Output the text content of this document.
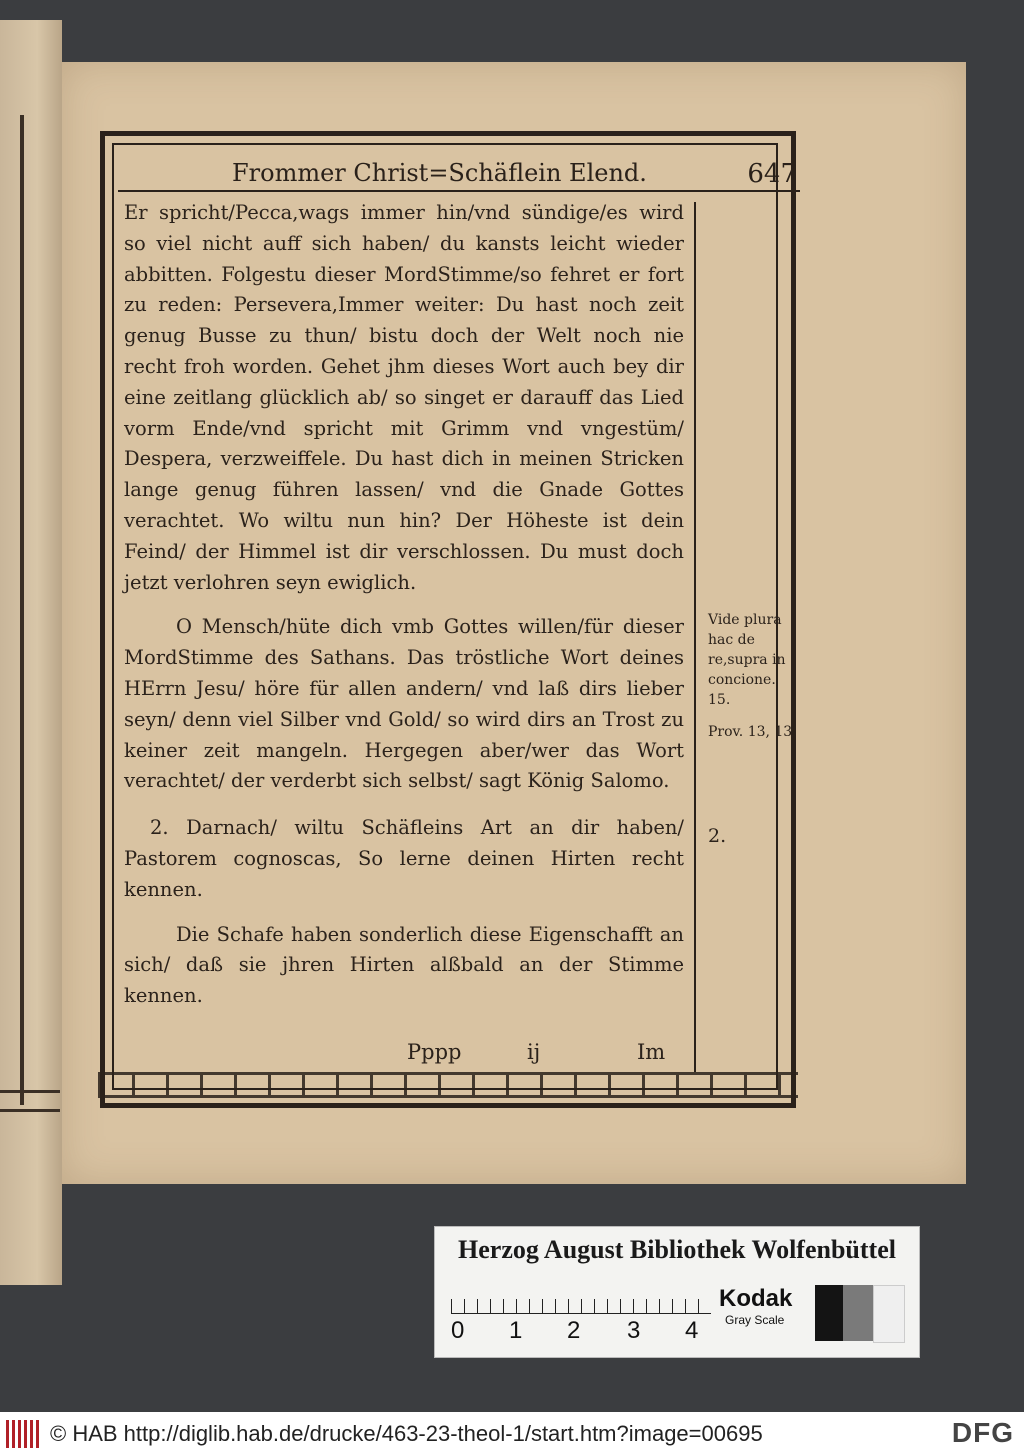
Frommer Christ=Schäflein Elend.	647

Er spricht/Pecca,wags immer hin/vnd sündige/es wird so viel nicht auff sich haben/ du kansts leicht wieder abbitten. Folgestu dieser MordStimme/so fehret er fort zu reden: Persevera,Immer weiter: Du hast noch zeit genug Busse zu thun/ bistu doch der Welt noch nie recht froh worden. Gehet jhm dieses Wort auch bey dir eine zeitlang glücklich ab/ so singet er darauff das Lied vorm Ende/vnd spricht mit Grimm vnd vngestüm/ Despera, verzweiffele. Du hast dich in meinen Stricken lange genug führen lassen/ vnd die Gnade Gottes verachtet. Wo wiltu nun hin? Der Höheste ist dein Feind/ der Himmel ist dir verschlossen. Du must doch jetzt verlohren seyn ewiglich.

O Mensch/hüte dich vmb Gottes willen/für dieser MordStimme des Sathans. Das tröstliche Wort deines HErrn Jesu/ höre für allen andern/ vnd laß dirs lieber seyn/ denn viel Silber vnd Gold/ so wird dirs an Trost zu keiner zeit mangeln. Hergegen aber/wer das Wort verachtet/ der verderbt sich selbst/ sagt König Salomo.

2. Darnach/ wiltu Schäfleins Art an dir haben/ Pastorem cognoscas, So lerne deinen Hirten recht kennen.

Die Schafe haben sonderlich diese Eigenschafft an sich/ daß sie jhren Hirten alßbald an der Stimme kennen.

Vide plura hac de re,supra in concione. 15.
Prov. 13, 13.
2.
Pppp	ij	Im
Herzog August Bibliothek Wolfenbüttel
0 1 2 3 4
Kodak
Gray Scale
© HAB http://diglib.hab.de/drucke/463-23-theol-1/start.htm?image=00695	DFG
